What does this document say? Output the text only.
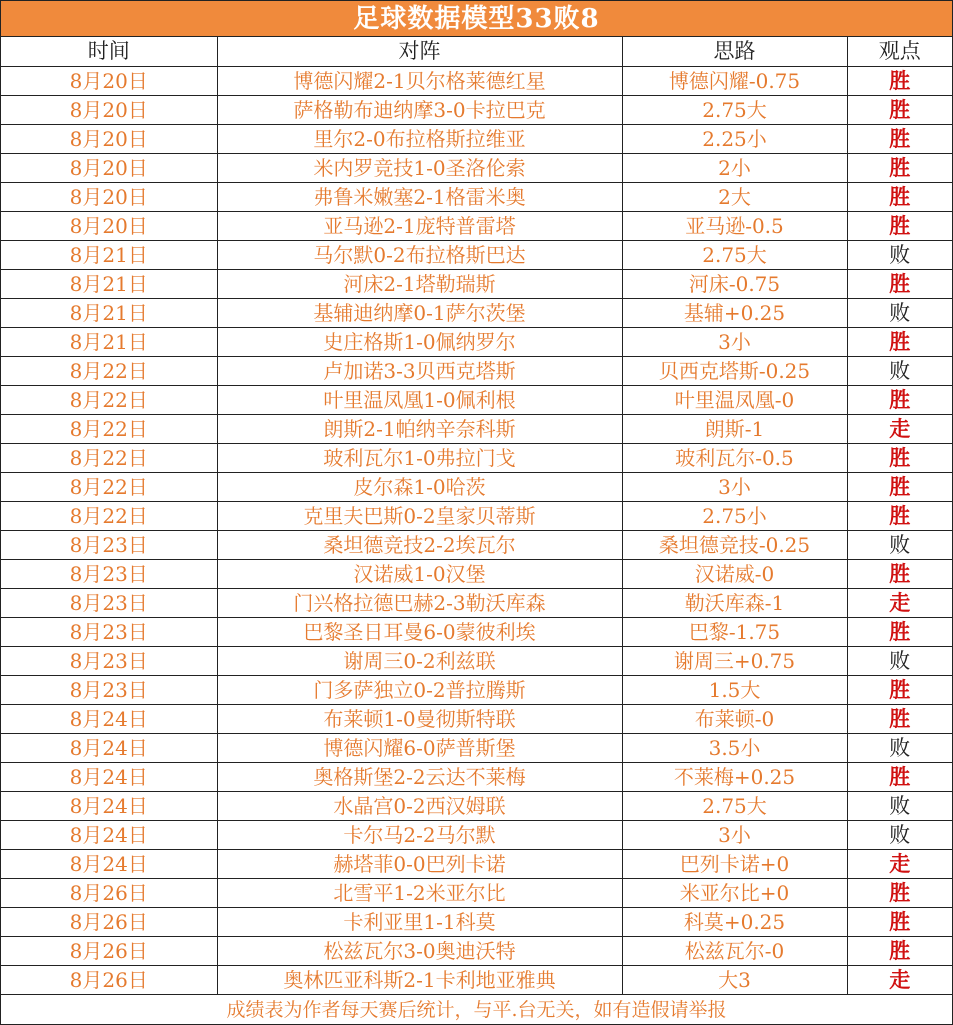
足球数据模型33败8
时间	对阵	思路	观点
8月20日	博德闪耀2-1贝尔格莱德红星	博德闪耀-0.75	胜
8月20日	萨格勒布迪纳摩3-0卡拉巴克	2.75大	胜
8月20日	里尔2-0布拉格斯拉维亚	2.25小	胜
8月20日	米内罗竞技1-0圣洛伦索	2小	胜
8月20日	弗鲁米嫩塞2-1格雷米奥	2大	胜
8月20日	亚马逊2-1庞特普雷塔	亚马逊-0.5	胜
8月21日	马尔默0-2布拉格斯巴达	2.75大	败
8月21日	河床2-1塔勒瑞斯	河床-0.75	胜
8月21日	基辅迪纳摩0-1萨尔茨堡	基辅+0.25	败
8月21日	史庄格斯1-0佩纳罗尔	3小	胜
8月22日	卢加诺3-3贝西克塔斯	贝西克塔斯-0.25	败
8月22日	叶里温凤凰1-0佩利根	叶里温凤凰-0	胜
8月22日	朗斯2-1帕纳辛奈科斯	朗斯-1	走
8月22日	玻利瓦尔1-0弗拉门戈	玻利瓦尔-0.5	胜
8月22日	皮尔森1-0哈茨	3小	胜
8月22日	克里夫巴斯0-2皇家贝蒂斯	2.75小	胜
8月23日	桑坦德竞技2-2埃瓦尔	桑坦德竞技-0.25	败
8月23日	汉诺威1-0汉堡	汉诺威-0	胜
8月23日	门兴格拉德巴赫2-3勒沃库森	勒沃库森-1	走
8月23日	巴黎圣日耳曼6-0蒙彼利埃	巴黎-1.75	胜
8月23日	谢周三0-2利兹联	谢周三+0.75	败
8月23日	门多萨独立0-2普拉腾斯	1.5大	胜
8月24日	布莱顿1-0曼彻斯特联	布莱顿-0	胜
8月24日	博德闪耀6-0萨普斯堡	3.5小	败
8月24日	奥格斯堡2-2云达不莱梅	不莱梅+0.25	胜
8月24日	水晶宫0-2西汉姆联	2.75大	败
8月24日	卡尔马2-2马尔默	3小	败
8月24日	赫塔菲0-0巴列卡诺	巴列卡诺+0	走
8月26日	北雪平1-2米亚尔比	米亚尔比+0	胜
8月26日	卡利亚里1-1科莫	科莫+0.25	胜
8月26日	松兹瓦尔3-0奥迪沃特	松兹瓦尔-0	胜
8月26日	奥林匹亚科斯2-1卡利地亚雅典	大3	走
成绩表为作者每天赛后统计，与平.台无关，如有造假请举报
